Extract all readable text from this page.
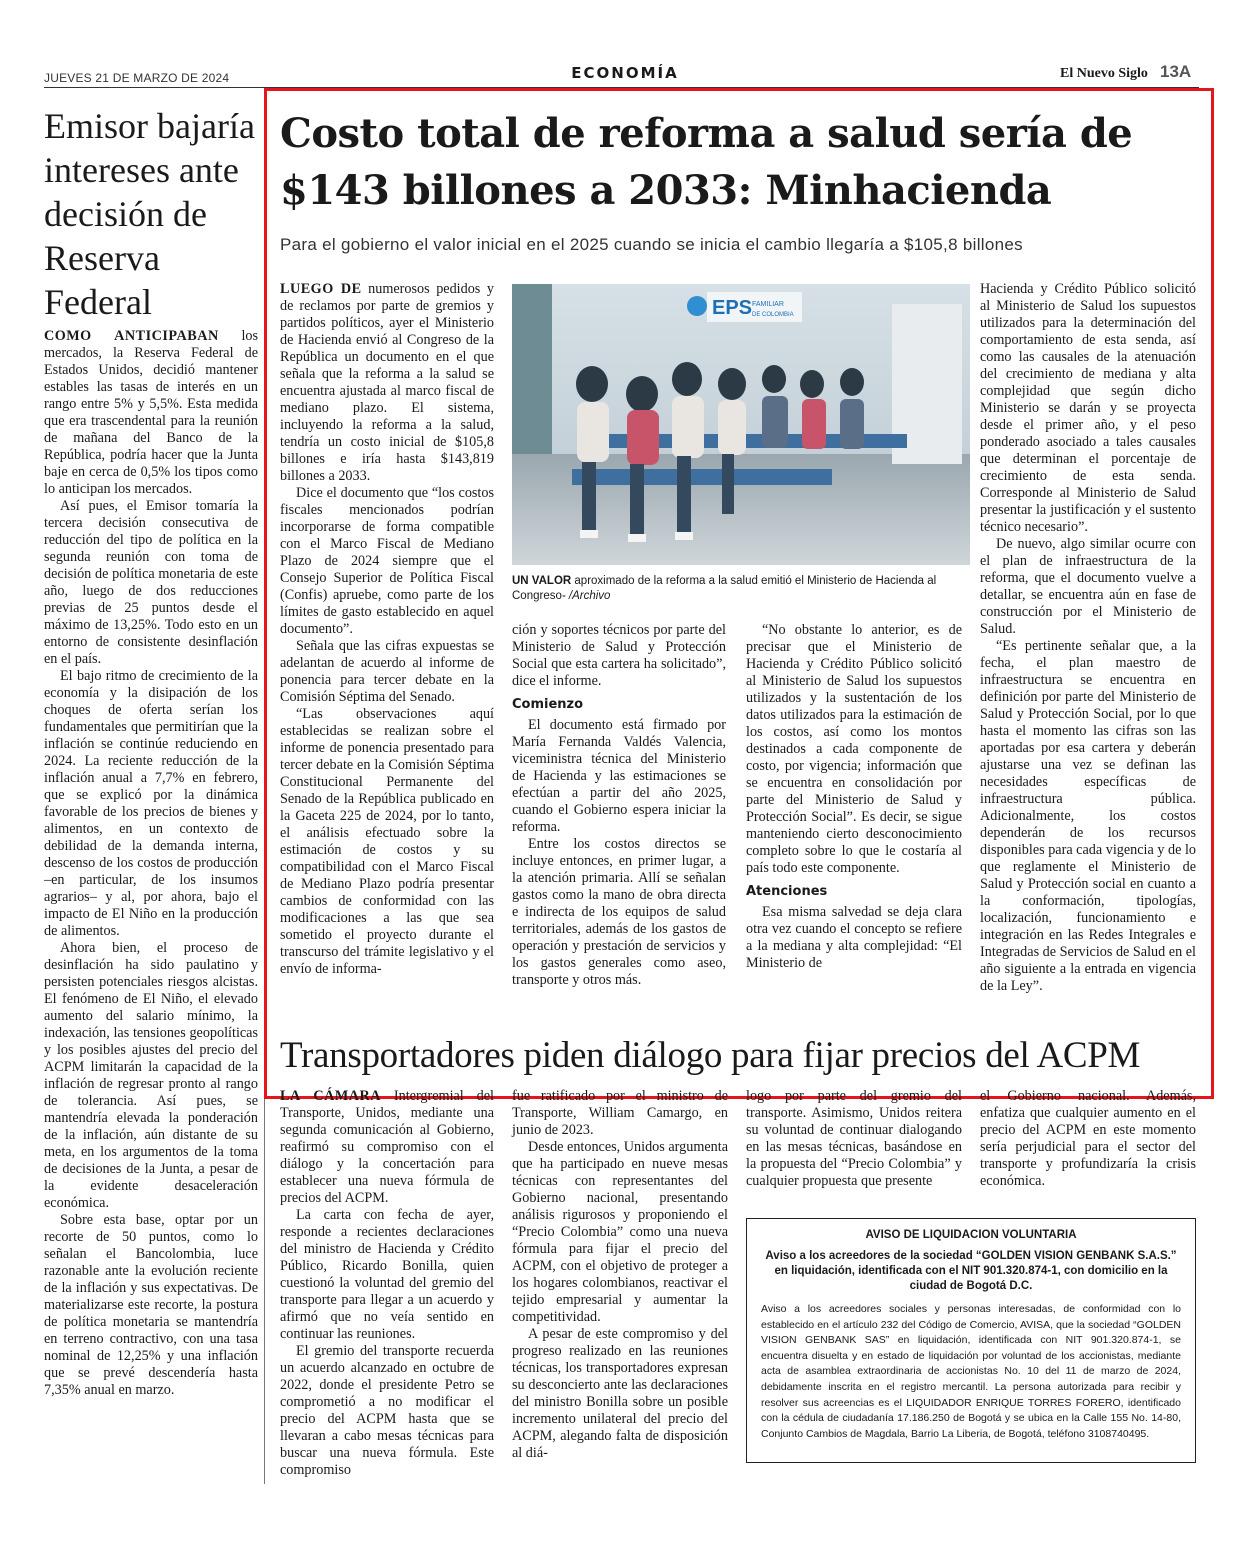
JUEVES 21 DE MARZO DE 2024	ECONOMÍA	El Nuevo Siglo 13A
Emisor bajaría intereses ante decisión de Reserva Federal

COMO ANTICIPABAN los mercados, la Reserva Federal de Estados Unidos, decidió mantener estables las tasas de interés en un rango entre 5% y 5,5%. Esta medida que era trascendental para la reunión de mañana del Banco de la República, podría hacer que la Junta baje en cerca de 0,5% los tipos como lo anticipan los mercados.

Así pues, el Emisor tomaría la tercera decisión consecutiva de reducción del tipo de política en la segunda reunión con toma de decisión de política monetaria de este año, luego de dos reducciones previas de 25 puntos desde el máximo de 13,25%. Todo esto en un entorno de consistente desinflación en el país.

El bajo ritmo de crecimiento de la economía y la disipación de los choques de oferta serían los fundamentales que permitirían que la inflación se continúe reduciendo en 2024. La reciente reducción de la inflación anual a 7,7% en febrero, que se explicó por la dinámica favorable de los precios de bienes y alimentos, en un contexto de debilidad de la demanda interna, descenso de los costos de producción –en particular, de los insumos agrarios– y al, por ahora, bajo el impacto de El Niño en la producción de alimentos.

Ahora bien, el proceso de desinflación ha sido paulatino y persisten potenciales riesgos alcistas. El fenómeno de El Niño, el elevado aumento del salario mínimo, la indexación, las tensiones geopolíticas y los posibles ajustes del precio del ACPM limitarán la capacidad de la inflación de regresar pronto al rango de tolerancia. Así pues, se mantendría elevada la ponderación de la inflación, aún distante de su meta, en los argumentos de la toma de decisiones de la Junta, a pesar de la evidente desaceleración económica.

Sobre esta base, optar por un recorte de 50 puntos, como lo señalan el Bancolombia, luce razonable ante la evolución reciente de la inflación y sus expectativas. De materializarse este recorte, la postura de política monetaria se mantendría en terreno contractivo, con una tasa nominal de 12,25% y una inflación que se prevé descendería hasta 7,35% anual en marzo.

Costo total de reforma a salud sería de $143 billones a 2033: Minhacienda
Para el gobierno el valor inicial en el 2025 cuando se inicia el cambio llegaría a $105,8 billones

LUEGO DE numerosos pedidos y de reclamos por parte de gremios y partidos políticos, ayer el Ministerio de Hacienda envió al Congreso de la República un documento en el que señala que la reforma a la salud se encuentra ajustada al marco fiscal de mediano plazo. El sistema, incluyendo la reforma a la salud, tendría un costo inicial de $105,8 billones e iría hasta $143,819 billones a 2033.

Dice el documento que “los costos fiscales mencionados podrían incorporarse de forma compatible con el Marco Fiscal de Mediano Plazo de 2024 siempre que el Consejo Superior de Política Fiscal (Confis) apruebe, como parte de los límites de gasto establecido en aquel documento”.

Señala que las cifras expuestas se adelantan de acuerdo al informe de ponencia para tercer debate en la Comisión Séptima del Senado.

“Las observaciones aquí establecidas se realizan sobre el informe de ponencia presentado para tercer debate en la Comisión Séptima Constitucional Permanente del Senado de la República publicado en la Gaceta 225 de 2024, por lo tanto, el análisis efectuado sobre la estimación de costos y su compatibilidad con el Marco Fiscal de Mediano Plazo podría presentar cambios de conformidad con las modificaciones a las que sea sometido el proyecto durante el transcurso del trámite legislativo y el envío de informa-

EPS FAMILIAR
DE COLOMBIA
UN VALOR aproximado de la reforma a la salud emitió el Ministerio de Hacienda al Congreso- /Archivo

ción y soportes técnicos por parte del Ministerio de Salud y Protección Social que esta cartera ha solicitado”, dice el informe.

Comienzo

El documento está firmado por María Fernanda Valdés Valencia, viceministra técnica del Ministerio de Hacienda y las estimaciones se efectúan a partir del año 2025, cuando el Gobierno espera iniciar la reforma.

Entre los costos directos se incluye entonces, en primer lugar, a la atención primaria. Allí se señalan gastos como la mano de obra directa e indirecta de los equipos de salud territoriales, además de los gastos de operación y prestación de servicios y los gastos generales como aseo, transporte y otros más.

“No obstante lo anterior, es de precisar que el Ministerio de Hacienda y Crédito Público solicitó al Ministerio de Salud los supuestos utilizados y la sustentación de los datos utilizados para la estimación de los costos, así como los montos destinados a cada componente de costo, por vigencia; información que se encuentra en consolidación por parte del Ministerio de Salud y Protección Social”. Es decir, se sigue manteniendo cierto desconocimiento completo sobre lo que le costaría al país todo este componente.

Atenciones

Esa misma salvedad se deja clara otra vez cuando el concepto se refiere a la mediana y alta complejidad: “El Ministerio de

Hacienda y Crédito Público solicitó al Ministerio de Salud los supuestos utilizados para la determinación del comportamiento de esta senda, así como las causales de la atenuación del crecimiento de mediana y alta complejidad que según dicho Ministerio se darán y se proyecta desde el primer año, y el peso ponderado asociado a tales causales que determinan el porcentaje de crecimiento de esta senda. Corresponde al Ministerio de Salud presentar la justificación y el sustento técnico necesario”.

De nuevo, algo similar ocurre con el plan de infraestructura de la reforma, que el documento vuelve a detallar, se encuentra aún en fase de construcción por el Ministerio de Salud.

“Es pertinente señalar que, a la fecha, el plan maestro de infraestructura se encuentra en definición por parte del Ministerio de Salud y Protección Social, por lo que hasta el momento las cifras son las aportadas por esa cartera y deberán ajustarse una vez se definan las necesidades específicas de infraestructura pública. Adicionalmente, los costos dependerán de los recursos disponibles para cada vigencia y de lo que reglamente el Ministerio de Salud y Protección social en cuanto a la conformación, tipologías, localización, funcionamiento e integración en las Redes Integrales e Integradas de Servicios de Salud en el año siguiente a la entrada en vigencia de la Ley”.

Transportadores piden diálogo para fijar precios del ACPM

LA CÁMARA Intergremial del Transporte, Unidos, mediante una segunda comunicación al Gobierno, reafirmó su compromiso con el diálogo y la concertación para establecer una nueva fórmula de precios del ACPM.

La carta con fecha de ayer, responde a recientes declaraciones del ministro de Hacienda y Crédito Público, Ricardo Bonilla, quien cuestionó la voluntad del gremio del transporte para llegar a un acuerdo y afirmó que no veía sentido en continuar las reuniones.

El gremio del transporte recuerda un acuerdo alcanzado en octubre de 2022, donde el presidente Petro se comprometió a no modificar el precio del ACPM hasta que se llevaran a cabo mesas técnicas para buscar una nueva fórmula. Este compromiso

fue ratificado por el ministro de Transporte, William Camargo, en junio de 2023.

Desde entonces, Unidos argumenta que ha participado en nueve mesas técnicas con representantes del Gobierno nacional, presentando análisis rigurosos y proponiendo el “Precio Colombia” como una nueva fórmula para fijar el precio del ACPM, con el objetivo de proteger a los hogares colombianos, reactivar el tejido empresarial y aumentar la competitividad.

A pesar de este compromiso y del progreso realizado en las reuniones técnicas, los transportadores expresan su desconcierto ante las declaraciones del ministro Bonilla sobre un posible incremento unilateral del precio del ACPM, alegando falta de disposición al diá-

logo por parte del gremio del transporte. Asimismo, Unidos reitera su voluntad de continuar dialogando en las mesas técnicas, basándose en la propuesta del “Precio Colombia” y cualquier propuesta que presente

el Gobierno nacional. Además, enfatiza que cualquier aumento en el precio del ACPM en este momento sería perjudicial para el sector del transporte y profundizaría la crisis económica.

AVISO DE LIQUIDACION VOLUNTARIA
Aviso a los acreedores de la sociedad “GOLDEN VISION GENBANK S.A.S.” en liquidación, identificada con el NIT 901.320.874-1, con domicilio en la ciudad de Bogotá D.C.
Aviso a los acreedores sociales y personas interesadas, de conformidad con lo establecido en el artículo 232 del Código de Comercio, AVISA, que la sociedad “GOLDEN VISION GENBANK SAS” en liquidación, identificada con NIT 901.320.874-1, se encuentra disuelta y en estado de liquidación por voluntad de los accionistas, mediante acta de asamblea extraordinaria de accionistas No. 10 del 11 de marzo de 2024, debidamente inscrita en el registro mercantil. La persona autorizada para recibir y resolver sus acreencias es el LIQUIDADOR ENRIQUE TORRES FORERO, identificado con la cédula de ciudadanía 17.186.250 de Bogotá y se ubica en la Calle 155 No. 14-80, Conjunto Cambios de Magdala, Barrio La Liberia, de Bogotá, teléfono 3108740495.
